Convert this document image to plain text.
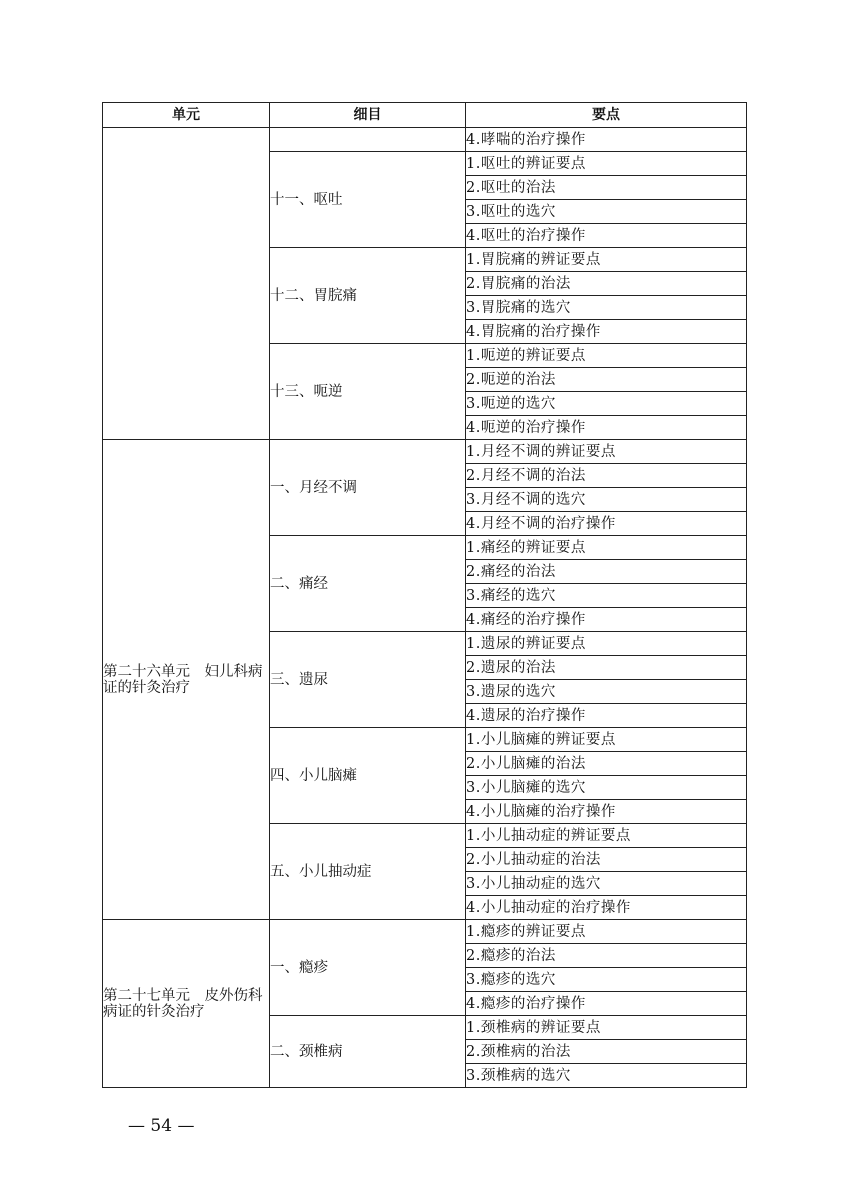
单元	细目	要点
		4.哮喘的治疗操作
	十一、呕吐	1.呕吐的辨证要点
		2.呕吐的治法
		3.呕吐的选穴
		4.呕吐的治疗操作
	十二、胃脘痛	1.胃脘痛的辨证要点
		2.胃脘痛的治法
		3.胃脘痛的选穴
		4.胃脘痛的治疗操作
	十三、呃逆	1.呃逆的辨证要点
		2.呃逆的治法
		3.呃逆的选穴
		4.呃逆的治疗操作
第二十六单元　妇儿科病证的针灸治疗	一、月经不调	1.月经不调的辨证要点
		2.月经不调的治法
		3.月经不调的选穴
		4.月经不调的治疗操作
	二、痛经	1.痛经的辨证要点
		2.痛经的治法
		3.痛经的选穴
		4.痛经的治疗操作
	三、遗尿	1.遗尿的辨证要点
		2.遗尿的治法
		3.遗尿的选穴
		4.遗尿的治疗操作
	四、小儿脑瘫	1.小儿脑瘫的辨证要点
		2.小儿脑瘫的治法
		3.小儿脑瘫的选穴
		4.小儿脑瘫的治疗操作
	五、小儿抽动症	1.小儿抽动症的辨证要点
		2.小儿抽动症的治法
		3.小儿抽动症的选穴
		4.小儿抽动症的治疗操作
第二十七单元　皮外伤科病证的针灸治疗	一、瘾疹	1.瘾疹的辨证要点
		2.瘾疹的治法
		3.瘾疹的选穴
		4.瘾疹的治疗操作
	二、颈椎病	1.颈椎病的辨证要点
		2.颈椎病的治法
		3.颈椎病的选穴
— 54 —
